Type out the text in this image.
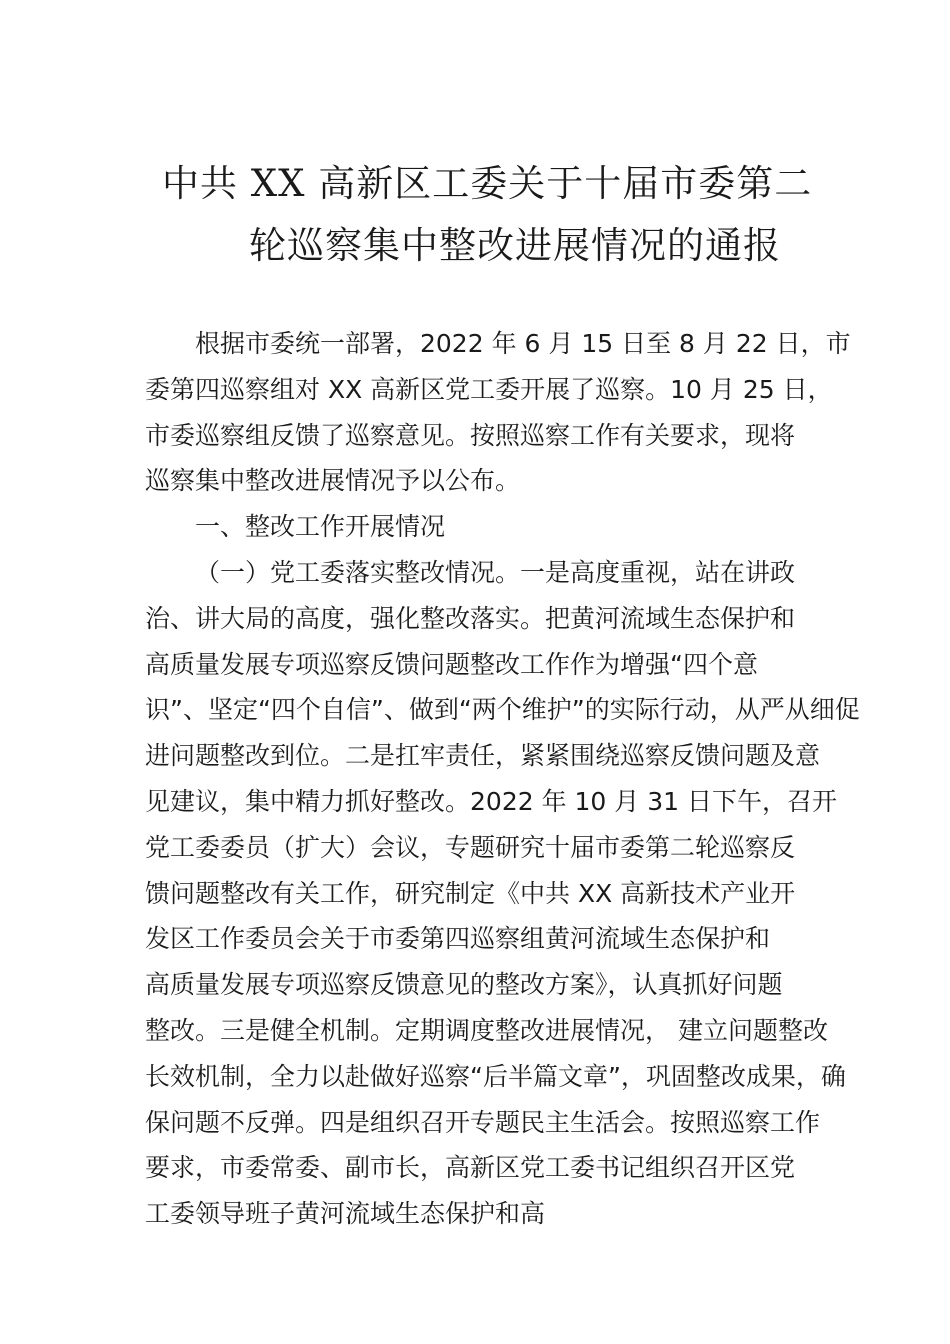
中共 XX 高新区工委关于十届市委第二
轮巡察集中整改进展情况的通报
根据市委统一部署，2022 年 6 月 15 日至 8 月 22 日，市
委第四巡察组对 XX 高新区党工委开展了巡察。10 月 25 日，
市委巡察组反馈了巡察意见。按照巡察工作有关要求，现将
巡察集中整改进展情况予以公布。
一、整改工作开展情况
（一）党工委落实整改情况。一是高度重视，站在讲政
治、讲大局的高度，强化整改落实。把黄河流域生态保护和
高质量发展专项巡察反馈问题整改工作作为增强“四个意
识”、坚定“四个自信”、做到“两个维护”的实际行动，从严从细促
进问题整改到位。二是扛牢责任，紧紧围绕巡察反馈问题及意
见建议，集中精力抓好整改。2022 年 10 月 31 日下午，召开
党工委委员（扩大）会议，专题研究十届市委第二轮巡察反
馈问题整改有关工作，研究制定《中共 XX 高新技术产业开
发区工作委员会关于市委第四巡察组黄河流域生态保护和
高质量发展专项巡察反馈意见的整改方案》，认真抓好问题
整改。三是健全机制。定期调度整改进展情况， 建立问题整改
长效机制，全力以赴做好巡察“后半篇文章”，巩固整改成果，确
保问题不反弹。四是组织召开专题民主生活会。按照巡察工作
要求，市委常委、副市长，高新区党工委书记组织召开区党
工委领导班子黄河流域生态保护和高
